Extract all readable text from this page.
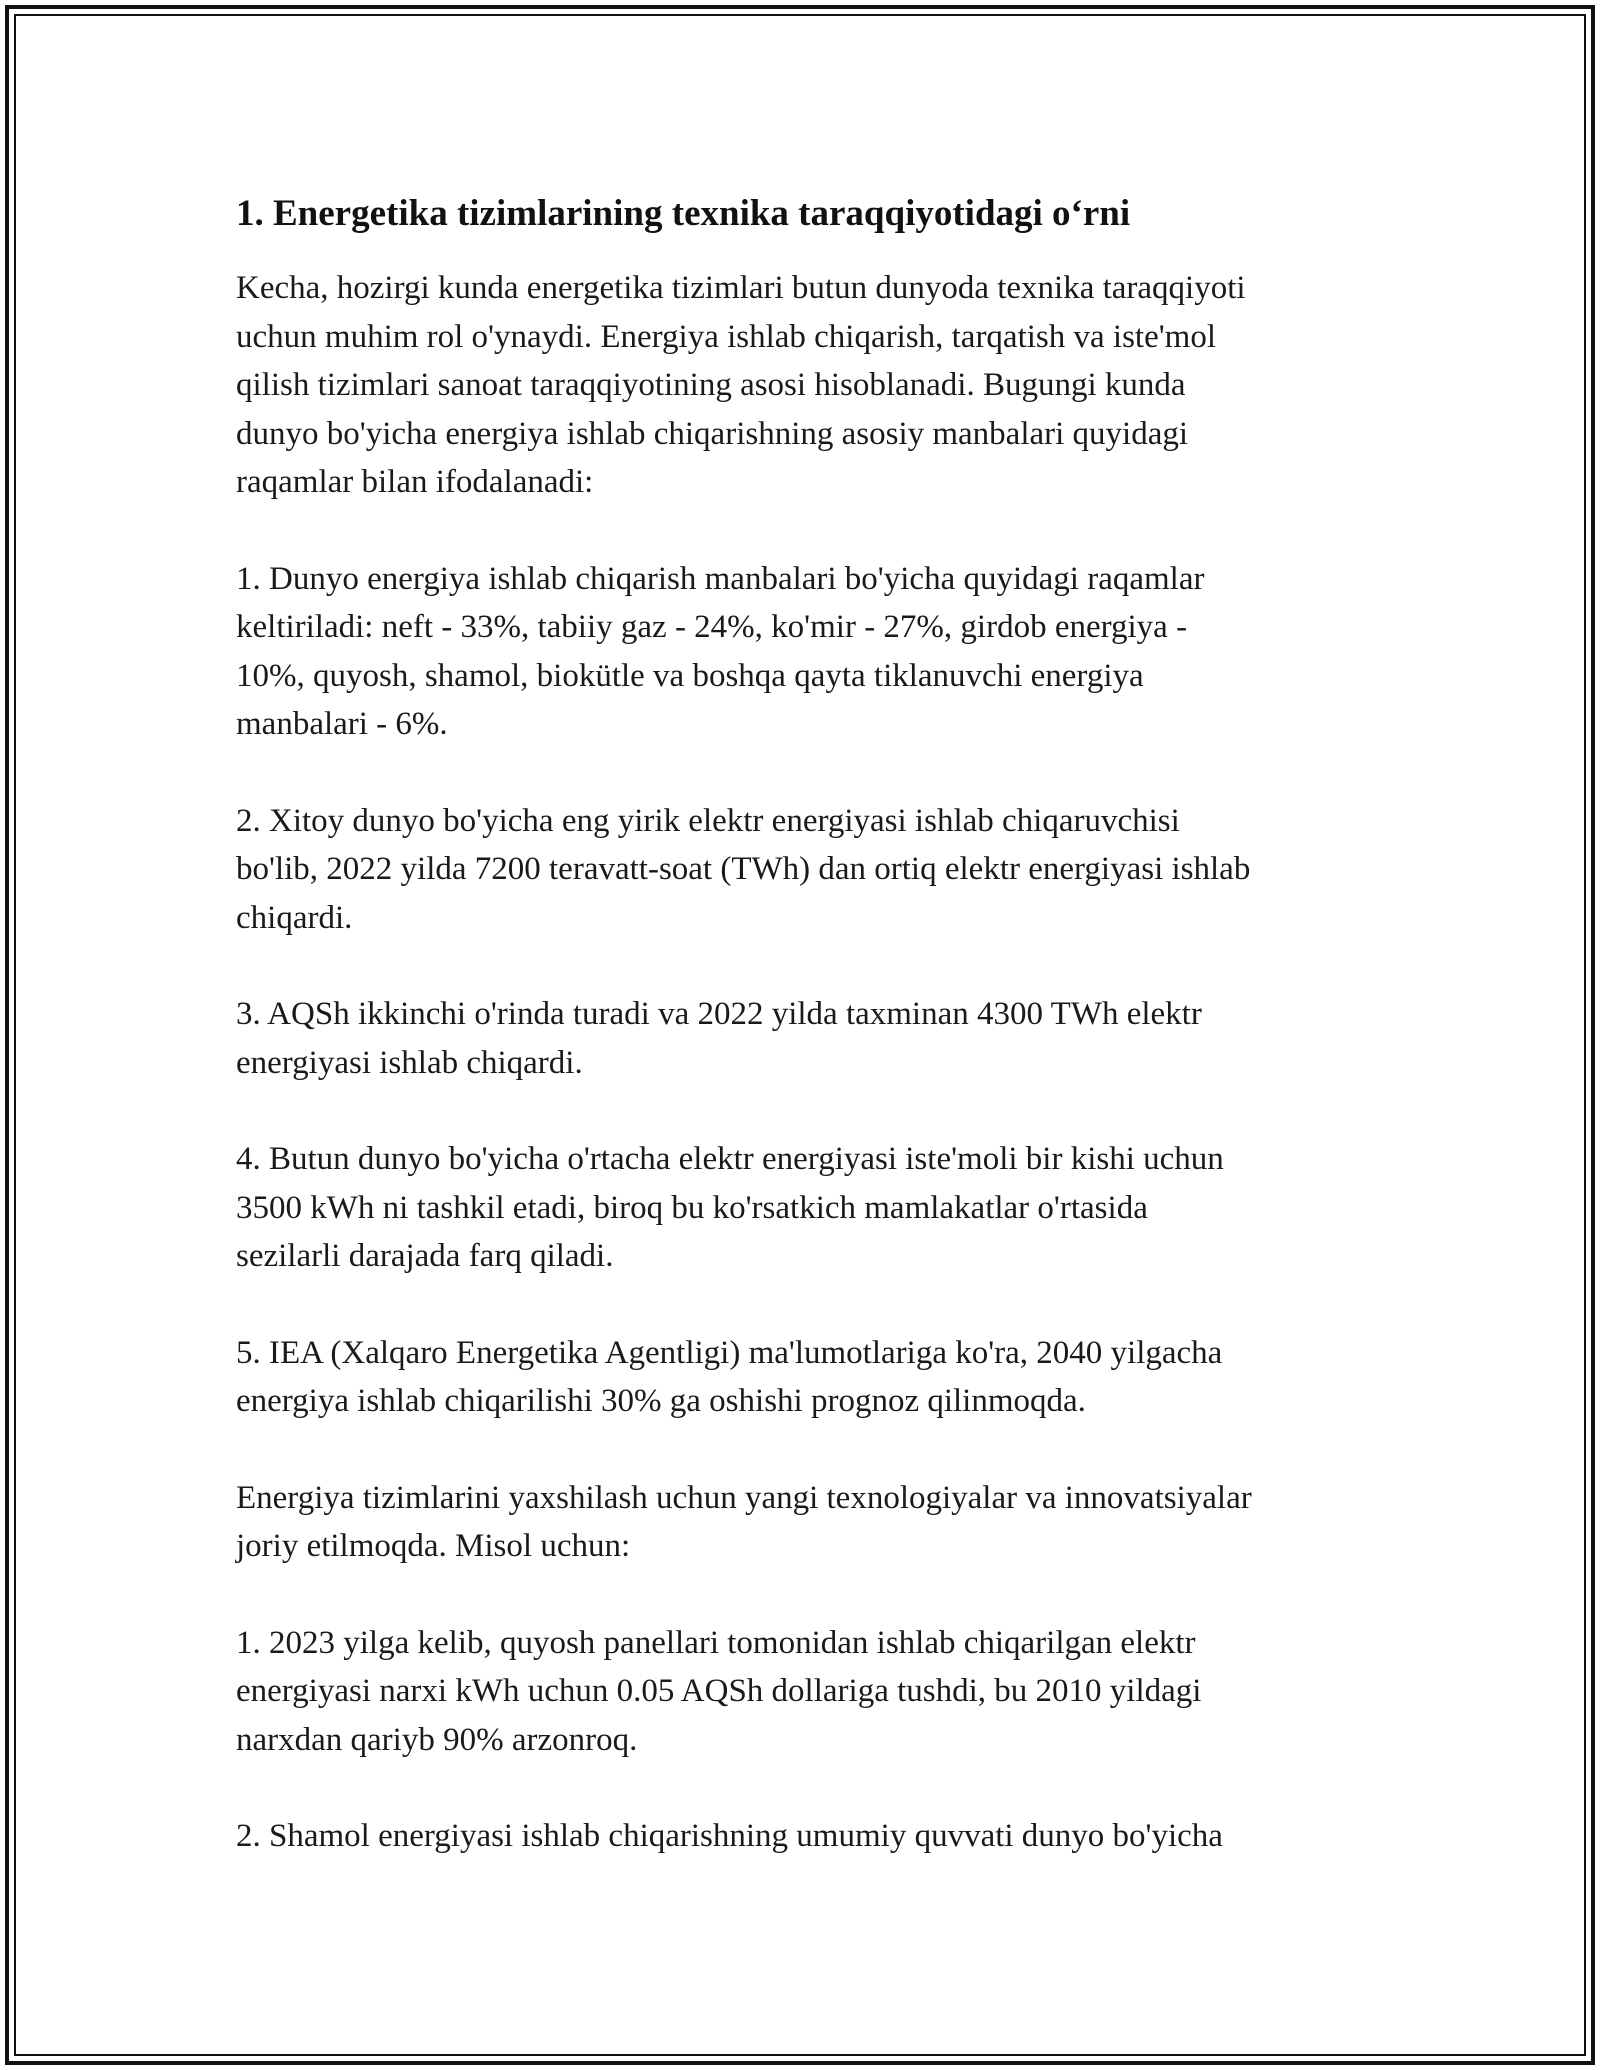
1. Energetika tizimlarining texnika taraqqiyotidagi o‘rni

Kecha, hozirgi kunda energetika tizimlari butun dunyoda texnika taraqqiyoti
uchun muhim rol o'ynaydi. Energiya ishlab chiqarish, tarqatish va iste'mol
qilish tizimlari sanoat taraqqiyotining asosi hisoblanadi. Bugungi kunda
dunyo bo'yicha energiya ishlab chiqarishning asosiy manbalari quyidagi
raqamlar bilan ifodalanadi:

1. Dunyo energiya ishlab chiqarish manbalari bo'yicha quyidagi raqamlar
keltiriladi: neft - 33%, tabiiy gaz - 24%, ko'mir - 27%, girdob energiya -
10%, quyosh, shamol, biokütle va boshqa qayta tiklanuvchi energiya
manbalari - 6%.

2. Xitoy dunyo bo'yicha eng yirik elektr energiyasi ishlab chiqaruvchisi
bo'lib, 2022 yilda 7200 teravatt-soat (TWh) dan ortiq elektr energiyasi ishlab
chiqardi.

3. AQSh ikkinchi o'rinda turadi va 2022 yilda taxminan 4300 TWh elektr
energiyasi ishlab chiqardi.

4. Butun dunyo bo'yicha o'rtacha elektr energiyasi iste'moli bir kishi uchun
3500 kWh ni tashkil etadi, biroq bu ko'rsatkich mamlakatlar o'rtasida
sezilarli darajada farq qiladi.

5. IEA (Xalqaro Energetika Agentligi) ma'lumotlariga ko'ra, 2040 yilgacha
energiya ishlab chiqarilishi 30% ga oshishi prognoz qilinmoqda.

Energiya tizimlarini yaxshilash uchun yangi texnologiyalar va innovatsiyalar
joriy etilmoqda. Misol uchun:

1. 2023 yilga kelib, quyosh panellari tomonidan ishlab chiqarilgan elektr
energiyasi narxi kWh uchun 0.05 AQSh dollariga tushdi, bu 2010 yildagi
narxdan qariyb 90% arzonroq.

2. Shamol energiyasi ishlab chiqarishning umumiy quvvati dunyo bo'yicha
